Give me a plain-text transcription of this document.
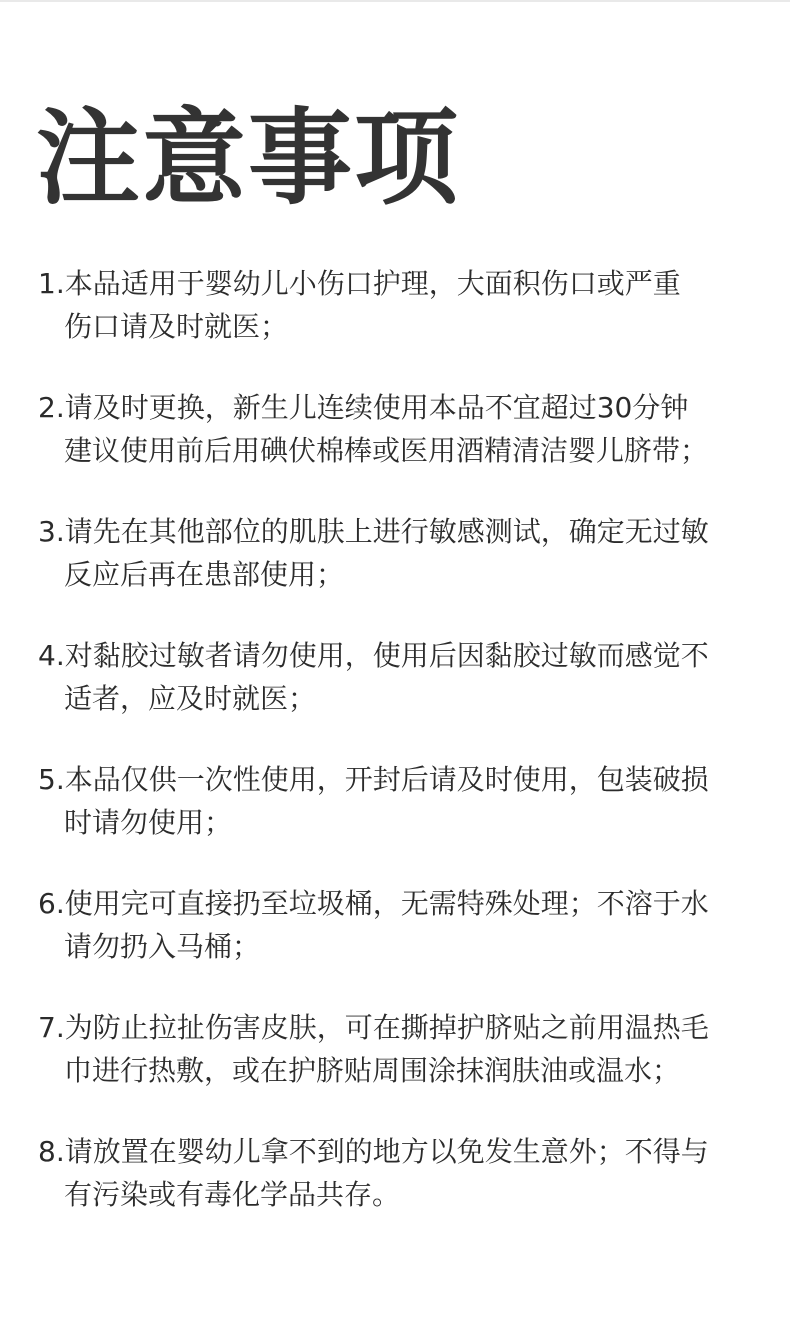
注意事项
1.本品适用于婴幼儿小伤口护理，大面积伤口或严重
伤口请及时就医；
2.请及时更换，新生儿连续使用本品不宜超过30分钟
建议使用前后用碘伏棉棒或医用酒精清洁婴儿脐带；
3.请先在其他部位的肌肤上进行敏感测试，确定无过敏
反应后再在患部使用；
4.对黏胶过敏者请勿使用，使用后因黏胶过敏而感觉不
适者，应及时就医；
5.本品仅供一次性使用，开封后请及时使用，包装破损
时请勿使用；
6.使用完可直接扔至垃圾桶，无需特殊处理；不溶于水
请勿扔入马桶；
7.为防止拉扯伤害皮肤，可在撕掉护脐贴之前用温热毛
巾进行热敷，或在护脐贴周围涂抹润肤油或温水；
8.请放置在婴幼儿拿不到的地方以免发生意外；不得与
有污染或有毒化学品共存。
